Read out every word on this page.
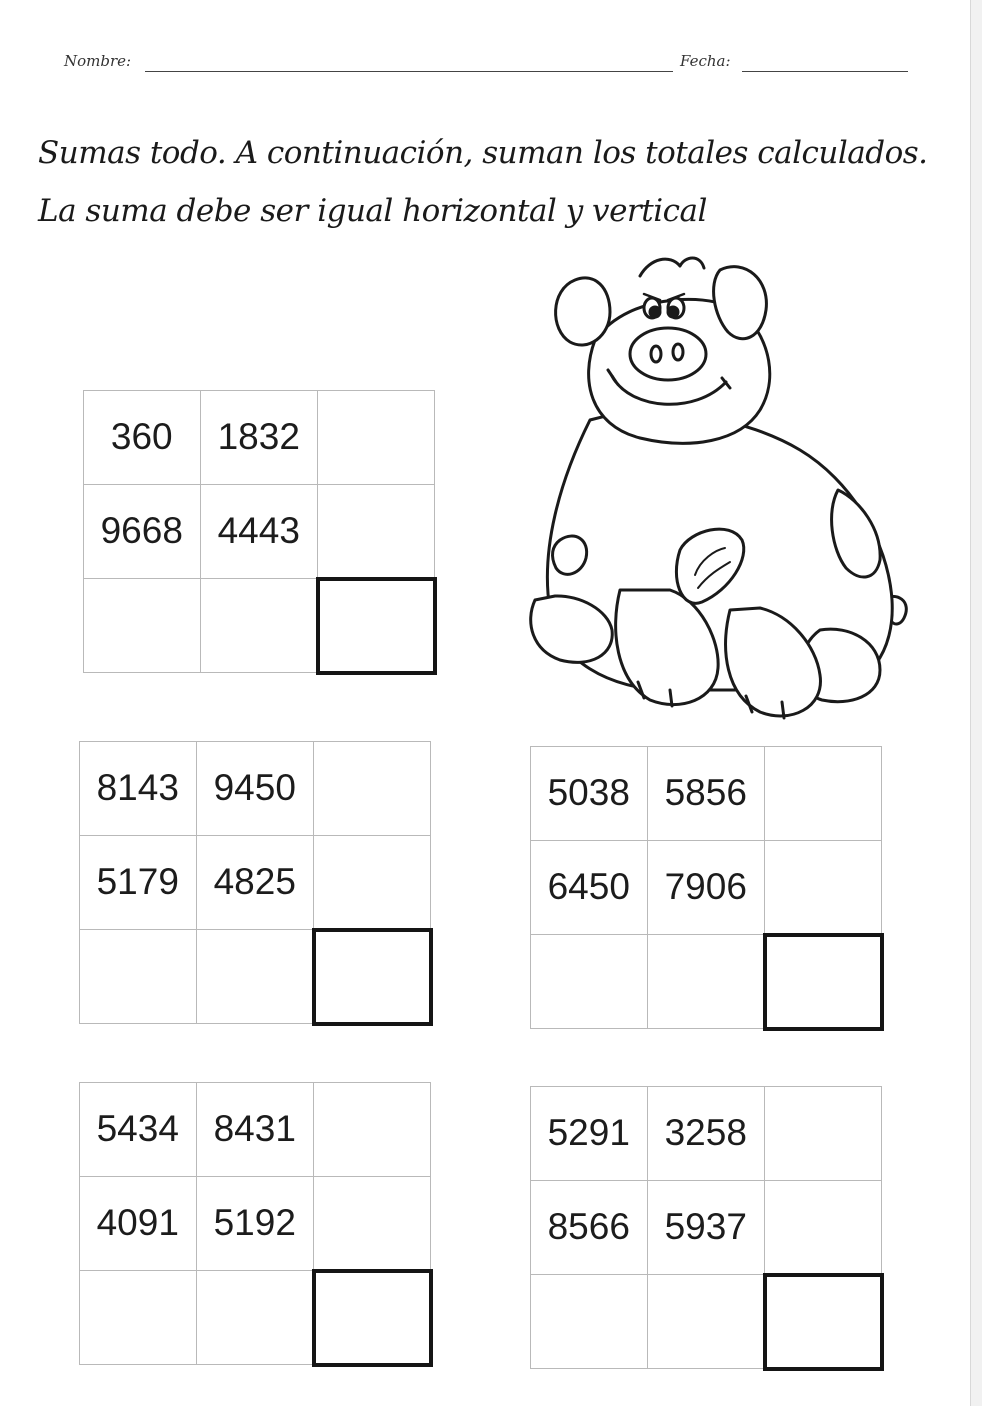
Nombre:	Fecha:
Sumas todo. A continuación, suman los totales calculados. La suma debe ser igual horizontal y vertical
360	1832
9668 4443
8143 9450
5179 4825
5038 5856
6450 7906
5434 8431
4091 5192
5291 3258
8566 5937
